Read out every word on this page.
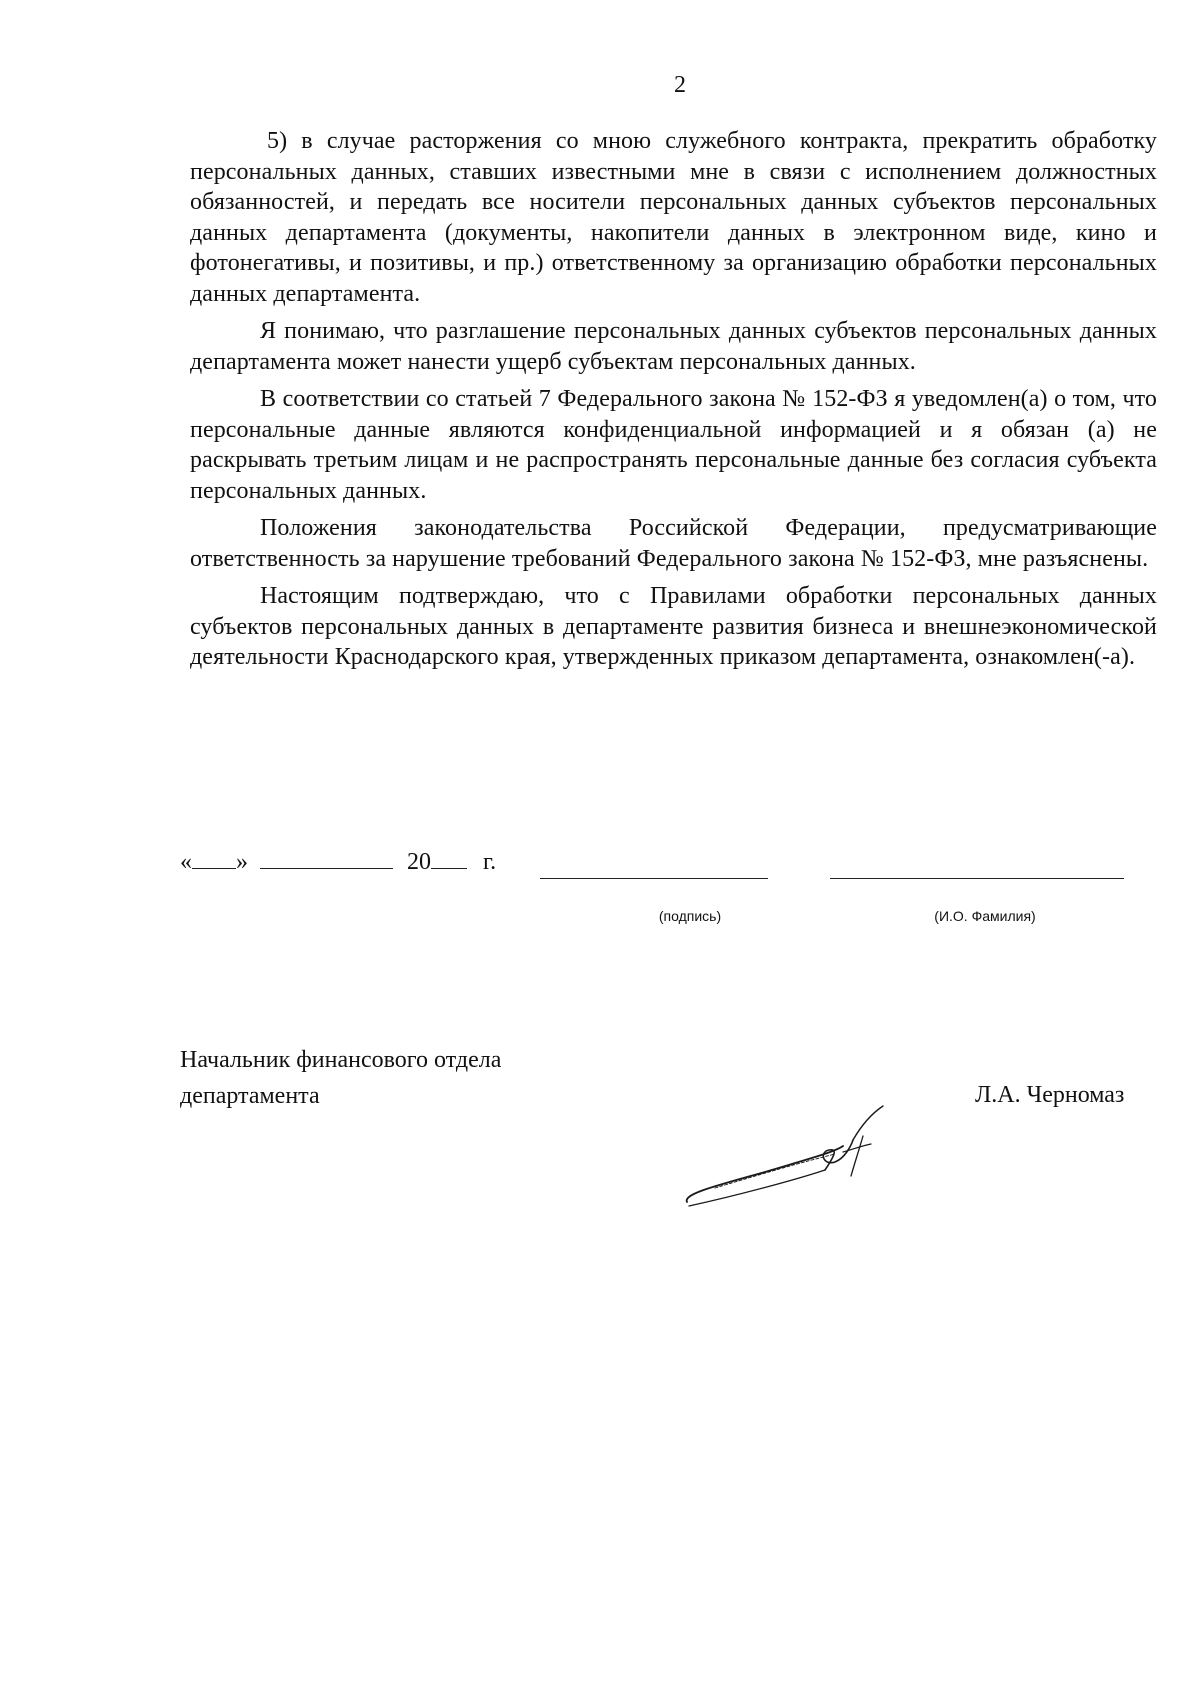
2

5) в случае расторжения со мною служебного контракта, прекратить обработку персональных данных, ставших известными мне в связи с исполнением должностных обязанностей, и передать все носители персональных данных субъектов персональных данных департамента (документы, накопители данных в электронном виде, кино и фотонегативы, и позитивы, и пр.) ответственному за организацию обработки персональных данных департамента.

Я понимаю, что разглашение персональных данных субъектов персональных данных департамента может нанести ущерб субъектам персональных данных.

В соответствии со статьей 7 Федерального закона № 152-ФЗ я уведомлен(а) о том, что персональные данные являются конфиденциальной информацией и я обязан (а) не раскрывать третьим лицам и не распространять персональные данные без согласия субъекта персональных данных.

Положения законодательства Российской Федерации, предусматривающие ответственность за нарушение требований Федерального закона № 152-ФЗ, мне разъяснены.

Настоящим подтверждаю, что с Правилами обработки персональных данных субъектов персональных данных в департаменте развития бизнеса и внешнеэкономической деятельности Краснодарского края, утвержденных приказом департамента, ознакомлен(-а).

« »	20 г.
(подпись)	(И.О. Фамилия)
Начальник финансового отдела
департамента	Л.А. Черномаз
